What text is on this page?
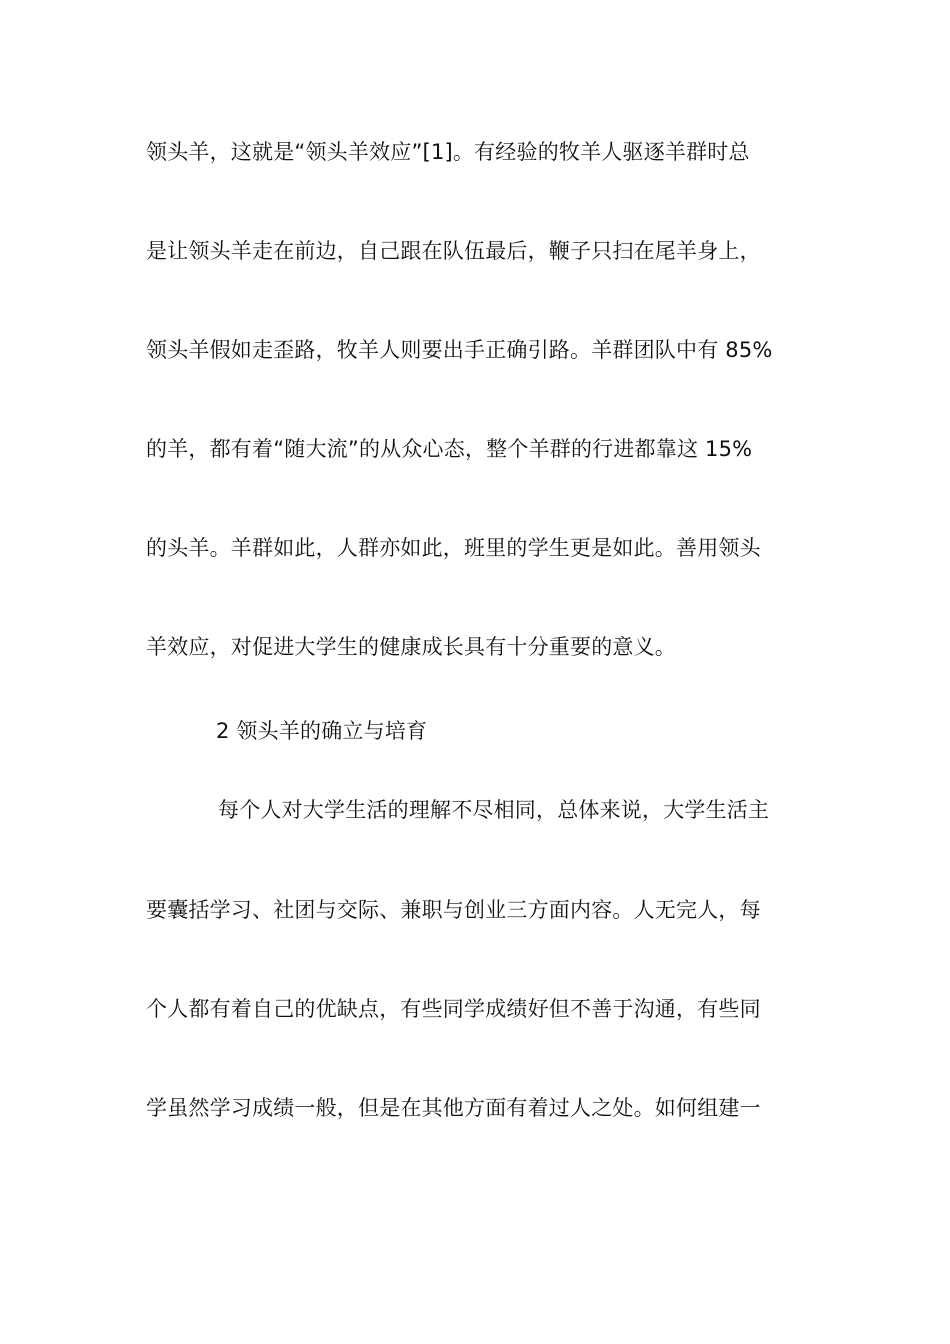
领头羊，这就是“领头羊效应”[1]。有经验的牧羊人驱逐羊群时总
是让领头羊走在前边，自己跟在队伍最后，鞭子只扫在尾羊身上，
领头羊假如走歪路，牧羊人则要出手正确引路。羊群团队中有 85%
的羊，都有着“随大流”的从众心态，整个羊群的行进都靠这 15%
的头羊。羊群如此，人群亦如此，班里的学生更是如此。善用领头
羊效应，对促进大学生的健康成长具有十分重要的意义。
2 领头羊的确立与培育
每个人对大学生活的理解不尽相同，总体来说，大学生活主
要囊括学习、社团与交际、兼职与创业三方面内容。人无完人，每
个人都有着自己的优缺点，有些同学成绩好但不善于沟通，有些同
学虽然学习成绩一般，但是在其他方面有着过人之处。如何组建一
